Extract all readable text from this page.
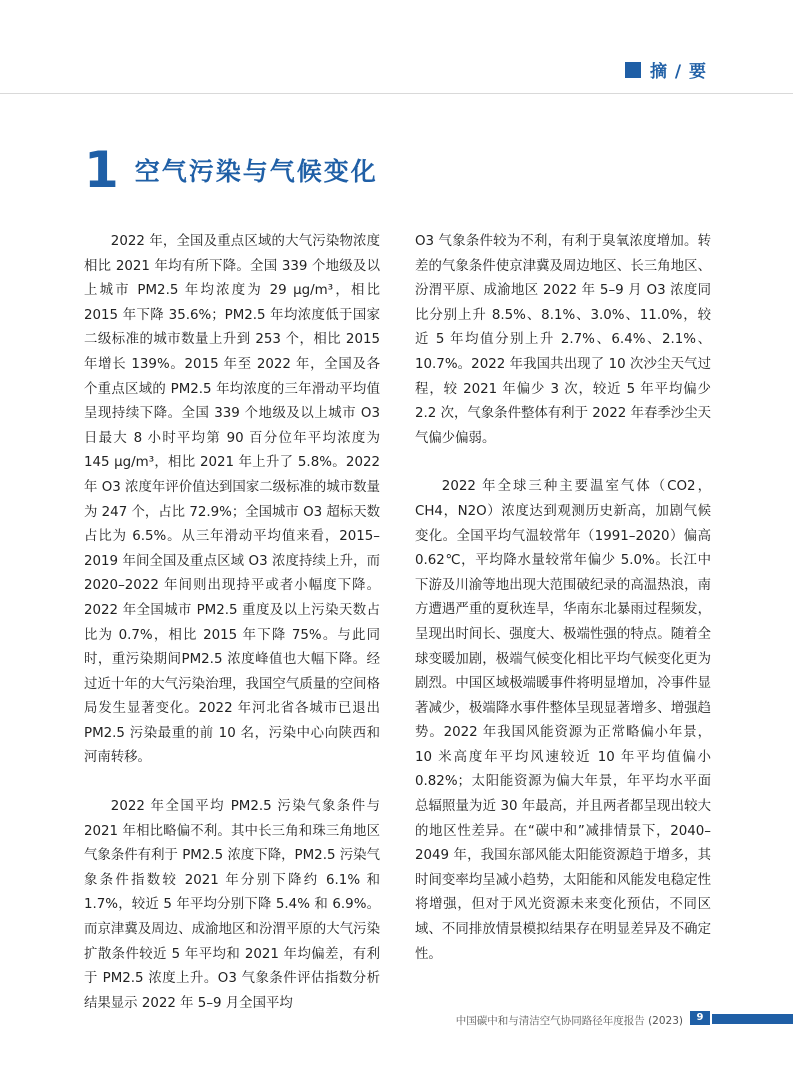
摘 / 要
1 空气污染与气候变化

2022 年，全国及重点区域的大气污染物浓度相比 2021 年均有所下降。全国 339 个地级及以上城市 PM2.5 年均浓度为 29 μg/m³，相比 2015 年下降 35.6%；PM2.5 年均浓度低于国家二级标准的城市数量上升到 253 个，相比 2015 年增长 139%。2015 年至 2022 年，全国及各个重点区域的 PM2.5 年均浓度的三年滑动平均值呈现持续下降。全国 339 个地级及以上城市 O3 日最大 8 小时平均第 90 百分位年平均浓度为 145 μg/m³，相比 2021 年上升了 5.8%。2022 年 O3 浓度年评价值达到国家二级标准的城市数量为 247 个，占比 72.9%；全国城市 O3 超标天数占比为 6.5%。从三年滑动平均值来看，2015–2019 年间全国及重点区域 O3 浓度持续上升，而 2020–2022 年间则出现持平或者小幅度下降。2022 年全国城市 PM2.5 重度及以上污染天数占比为 0.7%，相比 2015 年下降 75%。与此同时，重污染期间PM2.5 浓度峰值也大幅下降。经过近十年的大气污染治理，我国空气质量的空间格局发生显著变化。2022 年河北省各城市已退出 PM2.5 污染最重的前 10 名，污染中心向陕西和河南转移。

2022 年全国平均 PM2.5 污染气象条件与 2021 年相比略偏不利。其中长三角和珠三角地区气象条件有利于 PM2.5 浓度下降，PM2.5 污染气象条件指数较 2021 年分别下降约 6.1% 和 1.7%，较近 5 年平均分别下降 5.4% 和 6.9%。而京津冀及周边、成渝地区和汾渭平原的大气污染扩散条件较近 5 年平均和 2021 年均偏差，有利于 PM2.5 浓度上升。O3 气象条件评估指数分析结果显示 2022 年 5–9 月全国平均

O3 气象条件较为不利，有利于臭氧浓度增加。转差的气象条件使京津冀及周边地区、长三角地区、汾渭平原、成渝地区 2022 年 5–9 月 O3 浓度同比分别上升 8.5%、8.1%、3.0%、11.0%，较近 5 年均值分别上升 2.7%、6.4%、2.1%、10.7%。2022 年我国共出现了 10 次沙尘天气过程，较 2021 年偏少 3 次，较近 5 年平均偏少 2.2 次，气象条件整体有利于 2022 年春季沙尘天气偏少偏弱。

2022 年全球三种主要温室气体（CO2，CH4，N2O）浓度达到观测历史新高，加剧气候变化。全国平均气温较常年（1991–2020）偏高 0.62℃，平均降水量较常年偏少 5.0%。长江中下游及川渝等地出现大范围破纪录的高温热浪，南方遭遇严重的夏秋连旱，华南东北暴雨过程频发，呈现出时间长、强度大、极端性强的特点。随着全球变暖加剧，极端气候变化相比平均气候变化更为剧烈。中国区域极端暖事件将明显增加，冷事件显著减少，极端降水事件整体呈现显著增多、增强趋势。2022 年我国风能资源为正常略偏小年景，10 米高度年平均风速较近 10 年平均值偏小 0.82%；太阳能资源为偏大年景，年平均水平面总辐照量为近 30 年最高，并且两者都呈现出较大的地区性差异。在“碳中和”减排情景下，2040–2049 年，我国东部风能太阳能资源趋于增多，其时间变率均呈减小趋势，太阳能和风能发电稳定性将增强，但对于风光资源未来变化预估，不同区域、不同排放情景模拟结果存在明显差异及不确定性。

中国碳中和与清洁空气协同路径年度报告 (2023)	9
